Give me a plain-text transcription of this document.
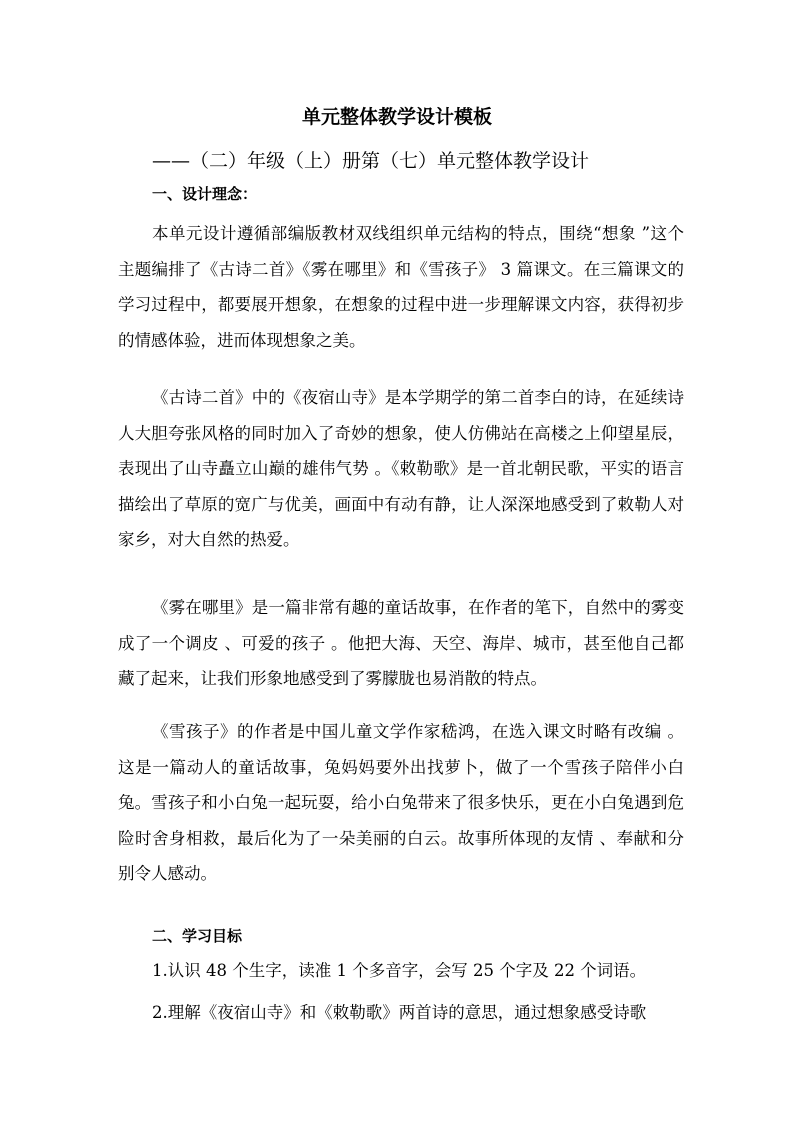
单元整体教学设计模板
——（二）年级（上）册第（七）单元整体教学设计
一、设计理念：

本单元设计遵循部编版教材双线组织单元结构的特点，围绕“想象 ”这个主题编排了《古诗二首》《雾在哪里》和《雪孩子》 3 篇课文。在三篇课文的学习过程中，都要展开想象，在想象的过程中进一步理解课文内容，获得初步的情感体验，进而体现想象之美。

《古诗二首》中的《夜宿山寺》是本学期学的第二首李白的诗，在延续诗人大胆夸张风格的同时加入了奇妙的想象，使人仿佛站在高楼之上仰望星辰，表现出了山寺矗立山巅的雄伟气势 。《敕勒歌》是一首北朝民歌，平实的语言描绘出了草原的宽广与优美，画面中有动有静，让人深深地感受到了敕勒人对家乡，对大自然的热爱。

《雾在哪里》是一篇非常有趣的童话故事，在作者的笔下，自然中的雾变成了一个调皮 、可爱的孩子 。他把大海、天空、海岸、城市，甚至他自己都藏了起来，让我们形象地感受到了雾朦胧也易消散的特点。

《雪孩子》的作者是中国儿童文学作家嵇鸿，在选入课文时略有改编 。这是一篇动人的童话故事，兔妈妈要外出找萝卜，做了一个雪孩子陪伴小白兔。雪孩子和小白兔一起玩耍，给小白兔带来了很多快乐，更在小白兔遇到危险时舍身相救，最后化为了一朵美丽的白云。故事所体现的友情 、奉献和分别令人感动。

二、学习目标
1.认识 48 个生字，读准 1 个多音字，会写 25 个字及 22 个词语。
2.理解《夜宿山寺》和《敕勒歌》两首诗的意思，通过想象感受诗歌
